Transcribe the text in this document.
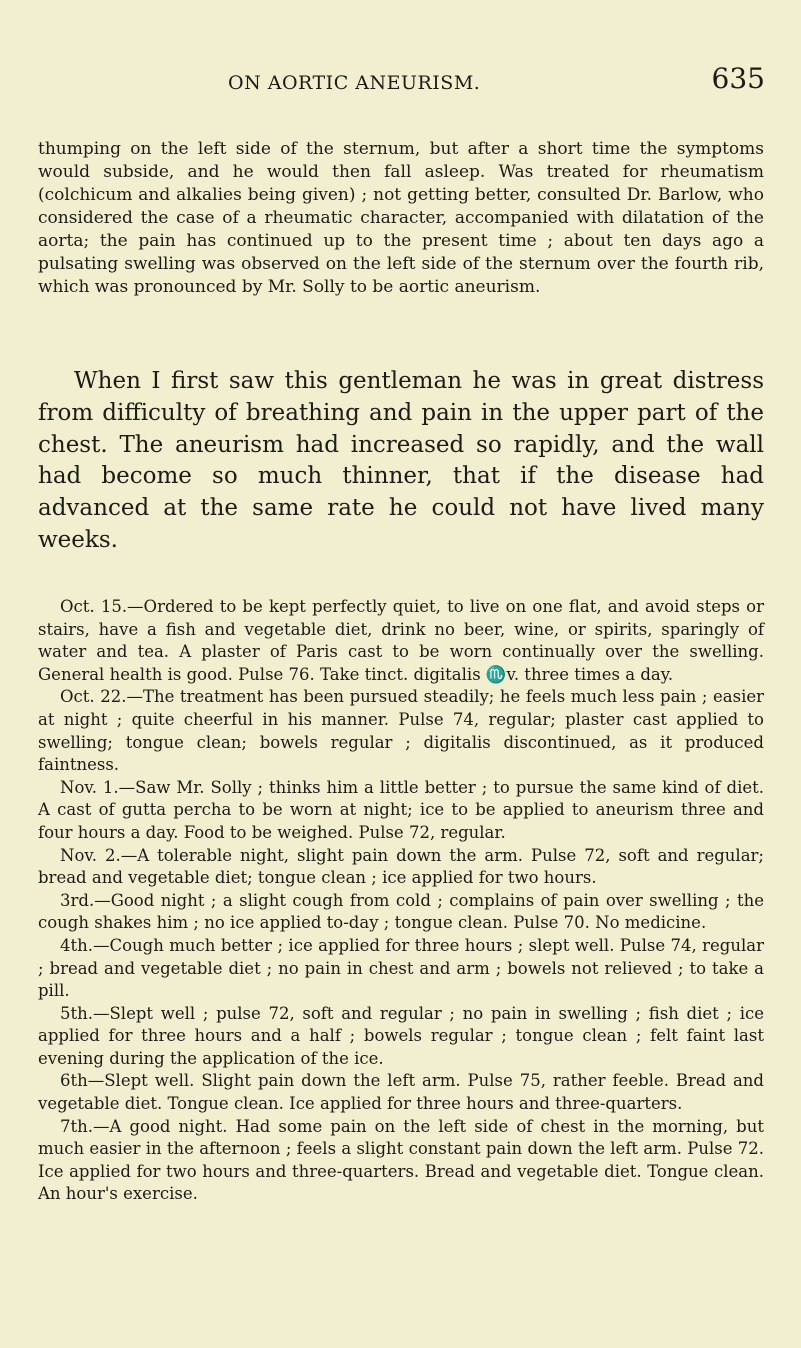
ON AORTIC ANEURISM.	635

thumping on the left side of the sternum, but after a short time the symptoms would subside, and he would then fall asleep. Was treated for rheumatism (colchicum and alkalies being given) ; not getting better, consulted Dr. Barlow, who considered the case of a rheumatic character, accompanied with dilatation of the aorta; the pain has continued up to the present time ; about ten days ago a pulsating swelling was observed on the left side of the sternum over the fourth rib, which was pronounced by Mr. Solly to be aortic aneurism.

When I first saw this gentleman he was in great distress from difficulty of breathing and pain in the upper part of the chest. The aneurism had increased so rapidly, and the wall had become so much thinner, that if the disease had advanced at the same rate he could not have lived many weeks.

Oct. 15.—Ordered to be kept perfectly quiet, to live on one flat, and avoid steps or stairs, have a fish and vegetable diet, drink no beer, wine, or spirits, sparingly of water and tea. A plaster of Paris cast to be worn continually over the swelling. General health is good. Pulse 76. Take tinct. digitalis ♏v. three times a day.

Oct. 22.—The treatment has been pursued steadily; he feels much less pain ; easier at night ; quite cheerful in his manner. Pulse 74, regular; plaster cast applied to swelling; tongue clean; bowels regular ; digitalis discontinued, as it produced faintness.

Nov. 1.—Saw Mr. Solly ; thinks him a little better ; to pursue the same kind of diet. A cast of gutta percha to be worn at night; ice to be applied to aneurism three and four hours a day. Food to be weighed. Pulse 72, regular.

Nov. 2.—A tolerable night, slight pain down the arm. Pulse 72, soft and regular; bread and vegetable diet; tongue clean ; ice applied for two hours.

3rd.—Good night ; a slight cough from cold ; complains of pain over swelling ; the cough shakes him ; no ice applied to-day ; tongue clean. Pulse 70. No medicine.

4th.—Cough much better ; ice applied for three hours ; slept well. Pulse 74, regular ; bread and vegetable diet ; no pain in chest and arm ; bowels not relieved ; to take a pill.

5th.—Slept well ; pulse 72, soft and regular ; no pain in swelling ; fish diet ; ice applied for three hours and a half ; bowels regular ; tongue clean ; felt faint last evening during the application of the ice.

6th—Slept well. Slight pain down the left arm. Pulse 75, rather feeble. Bread and vegetable diet. Tongue clean. Ice applied for three hours and three-quarters.

7th.—A good night. Had some pain on the left side of chest in the morning, but much easier in the afternoon ; feels a slight constant pain down the left arm. Pulse 72. Ice applied for two hours and three-quarters. Bread and vegetable diet. Tongue clean. An hour's exercise.
